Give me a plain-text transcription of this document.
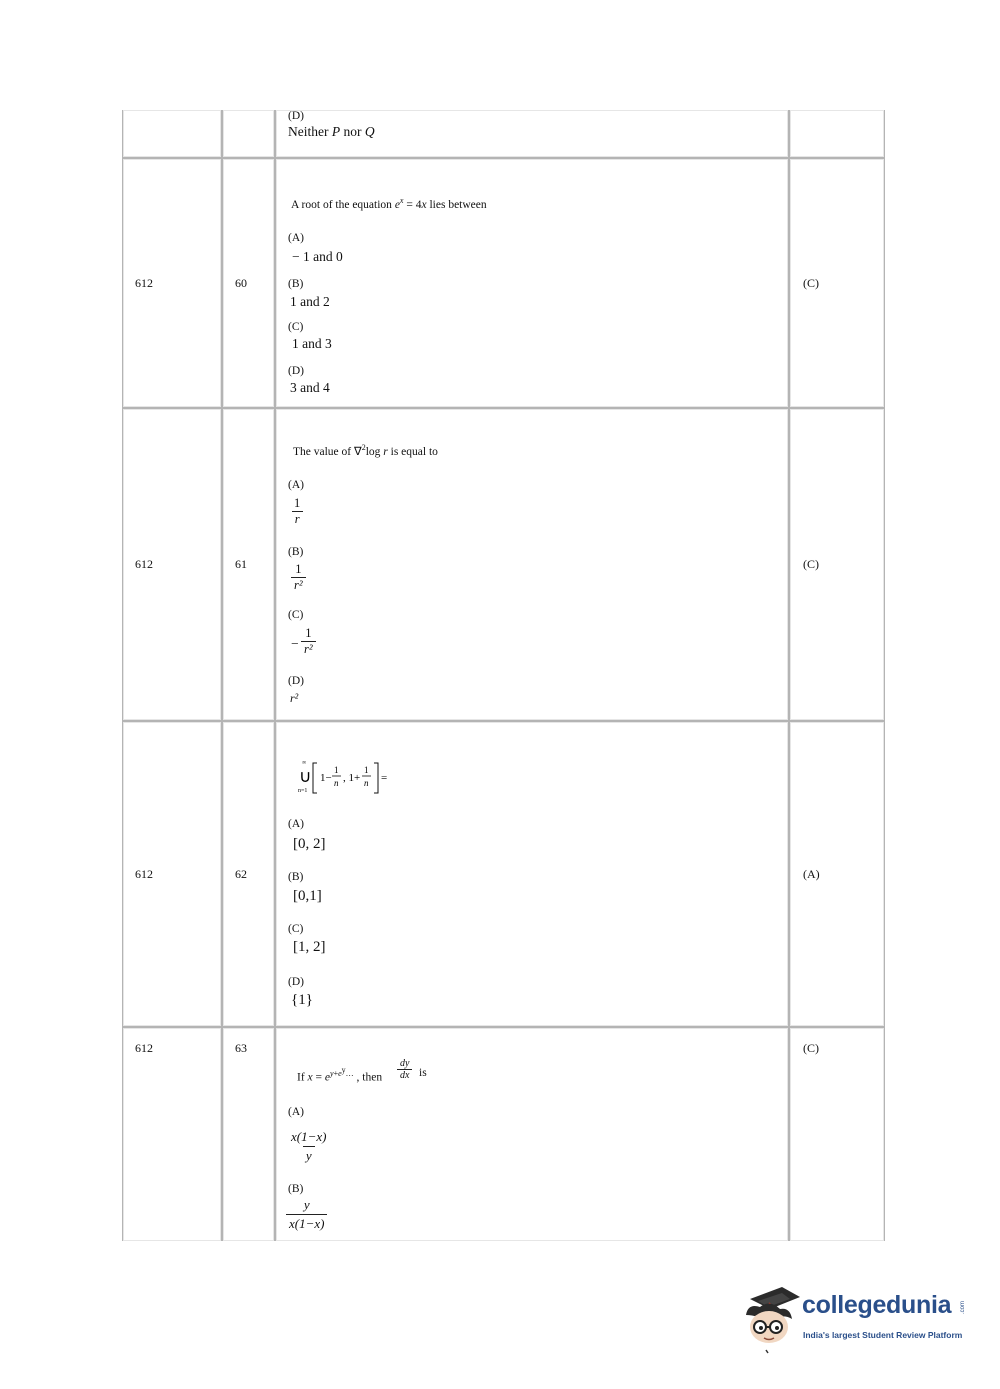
(D)
Neither P nor Q
612	60
A root of the equation $e^x = 4x$ lies between
(A)
− 1 and 0
(B)
1 and 2
(C)
1 and 3
(D)
3 and 4
(C)
612	61
The value of ∇$^2$log r is equal to
(A)
$\frac{1}{r}$
(B)
$\frac{1}{\text{r²}}$
(C)
− $\frac{1}{\text{r²}}$
(D)
r²
(C)
612	62
∞
∪
n=1
1−
1
n , 1+
1
n =
(A)
[0, 2]
(B)
[0,1]
(C)
[1, 2]
(D)
{1}
(A)
612	63
If $x = e^{y+e^y\dots}$ , then $\frac{dy}{dx}$ is
(A)
$\frac{x(1-x)}{y}$
(B)
$\frac{y}{x(1-x)}$
(C)
collegedunia .com
India's largest Student Review Platform
